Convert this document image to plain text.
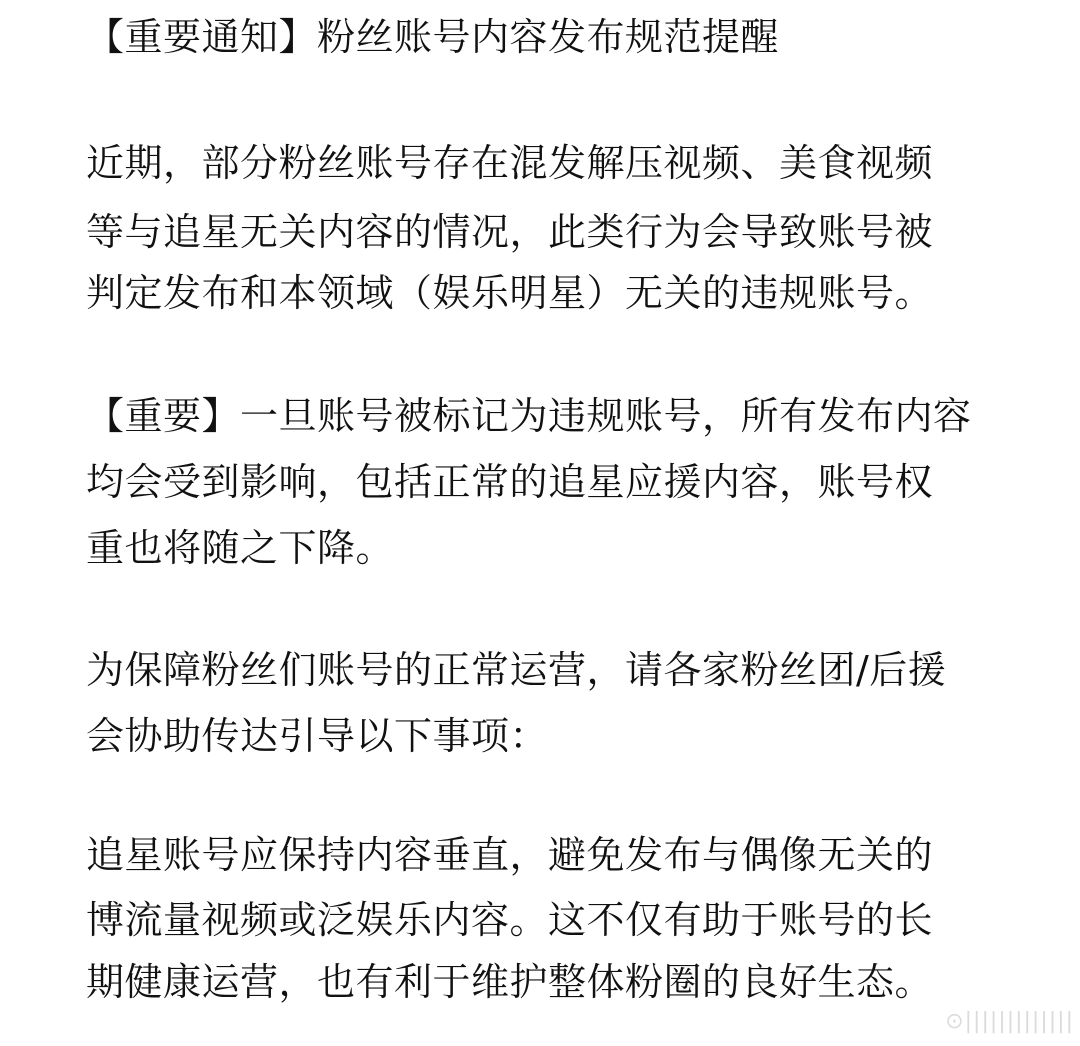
【重要通知】粉丝账号内容发布规范提醒
近期，部分粉丝账号存在混发解压视频、美食视频
等与追星无关内容的情况，此类行为会导致账号被
判定发布和本领域（娱乐明星）无关的违规账号。
【重要】一旦账号被标记为违规账号，所有发布内容
均会受到影响，包括正常的追星应援内容，账号权
重也将随之下降。
为保障粉丝们账号的正常运营，请各家粉丝团/后援
会协助传达引导以下事项：
追星账号应保持内容垂直，避免发布与偶像无关的
博流量视频或泛娱乐内容。这不仅有助于账号的长
期健康运营，也有利于维护整体粉圈的良好生态。
⊙|||||||||||||
